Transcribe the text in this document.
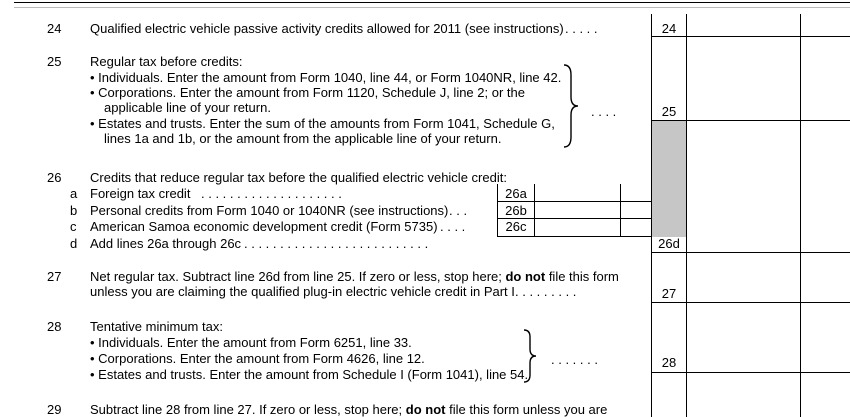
24 Qualified electric vehicle passive activity credits allowed for 2011 (see instructions) . . . . .	24
25 Regular tax before credits:
• Individuals. Enter the amount from Form 1040, line 44, or Form 1040NR, line 42.
• Corporations. Enter the amount from Form 1120, Schedule J, line 2; or the
applicable line of your return.
• Estates and trusts. Enter the sum of the amounts from Form 1041, Schedule G,
lines 1a and 1b, or the amount from the applicable line of your return.
. . . .	25
26 Credits that reduce regular tax before the qualified electric vehicle credit:
a Foreign tax credit . . . . . . . . . . . . . . . . . . . .	26a
b Personal credits from Form 1040 or 1040NR (see instructions) . . .	26b
c American Samoa economic development credit (Form 5735) . . . .	26c
d Add lines 26a through 26c . . . . . . . . . . . . . . . . . . . . . . . . . .	26d
27 Net regular tax. Subtract line 26d from line 25. If zero or less, stop here; do not file this form
unless you are claiming the qualified plug-in electric vehicle credit in Part I . . . . . . . . .	27
28 Tentative minimum tax:
• Individuals. Enter the amount from Form 6251, line 33.
• Corporations. Enter the amount from Form 4626, line 12.
• Estates and trusts. Enter the amount from Schedule I (Form 1041), line 54.
. . . . . . .	28
29 Subtract line 28 from line 27. If zero or less, stop here; do not file this form unless you are
